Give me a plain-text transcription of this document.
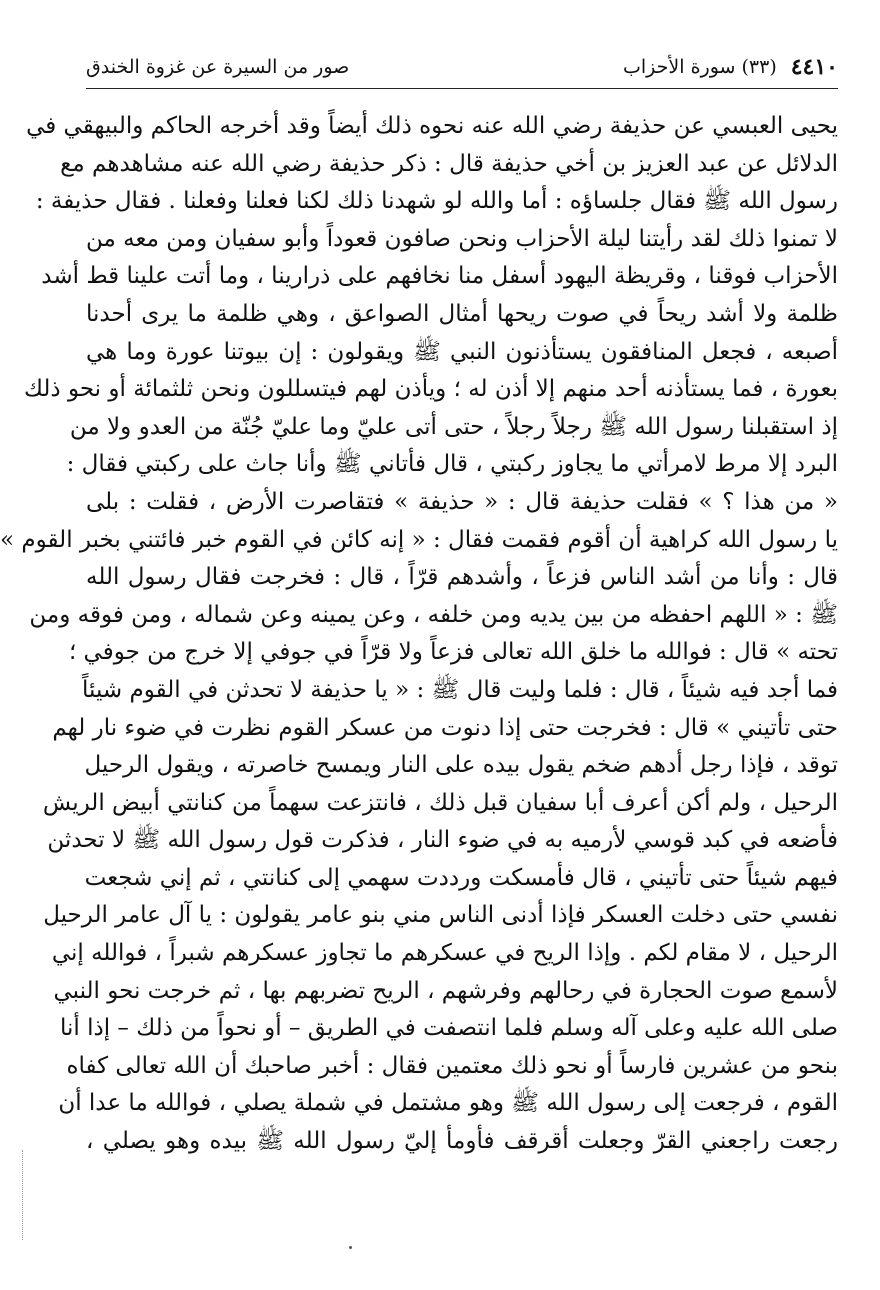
٤٤١٠
(٣٣) سورة الأحزاب
صور من السيرة عن غزوة الخندق
يحيى العبسي عن حذيفة رضي الله عنه نحوه ذلك أيضاً وقد أخرجه الحاكم والبيهقي في
الدلائل عن عبد العزيز بن أخي حذيفة قال : ذكر حذيفة رضي الله عنه مشاهدهم مع
رسول الله ﷺ فقال جلساؤه : أما والله لو شهدنا ذلك لكنا فعلنا وفعلنا . فقال حذيفة :
لا تمنوا ذلك لقد رأيتنا ليلة الأحزاب ونحن صافون قعوداً وأبو سفيان ومن معه من
الأحزاب فوقنا ، وقريظة اليهود أسفل منا نخافهم على ذرارينا ، وما أتت علينا قط أشد
ظلمة ولا أشد ريحاً في صوت ريحها أمثال الصواعق ، وهي ظلمة ما يرى أحدنا
أصبعه ، فجعل المنافقون يستأذنون النبي ﷺ ويقولون : إن بيوتنا عورة وما هي
بعورة ، فما يستأذنه أحد منهم إلا أذن له ؛ ويأذن لهم فيتسللون ونحن ثلثمائة أو نحو ذلك
إذ استقبلنا رسول الله ﷺ رجلاً رجلاً ، حتى أتى عليّ وما عليّ جُنّة من العدو ولا من
البرد إلا مرط لامرأتي ما يجاوز ركبتي ، قال فأتاني ﷺ وأنا جاث على ركبتي فقال :
« من هذا ؟ » فقلت حذيفة قال : « حذيفة » فتقاصرت الأرض ، فقلت : بلى
يا رسول الله كراهية أن أقوم فقمت فقال : « إنه كائن في القوم خبر فائتني بخبر القوم »
قال : وأنا من أشد الناس فزعاً ، وأشدهم قرّاً ، قال : فخرجت فقال رسول الله
ﷺ : « اللهم احفظه من بين يديه ومن خلفه ، وعن يمينه وعن شماله ، ومن فوقه ومن
تحته » قال : فوالله ما خلق الله تعالى فزعاً ولا قرّاً في جوفي إلا خرج من جوفي ؛
فما أجد فيه شيئاً ، قال : فلما وليت قال ﷺ : « يا حذيفة لا تحدثن في القوم شيئاً
حتى تأتيني » قال : فخرجت حتى إذا دنوت من عسكر القوم نظرت في ضوء نار لهم
توقد ، فإذا رجل أدهم ضخم يقول بيده على النار ويمسح خاصرته ، ويقول الرحيل
الرحيل ، ولم أكن أعرف أبا سفيان قبل ذلك ، فانتزعت سهماً من كنانتي أبيض الريش
فأضعه في كبد قوسي لأرميه به في ضوء النار ، فذكرت قول رسول الله ﷺ لا تحدثن
فيهم شيئاً حتى تأتيني ، قال فأمسكت ورددت سهمي إلى كنانتي ، ثم إني شجعت
نفسي حتى دخلت العسكر فإذا أدنى الناس مني بنو عامر يقولون : يا آل عامر الرحيل
الرحيل ، لا مقام لكم . وإذا الريح في عسكرهم ما تجاوز عسكرهم شبراً ، فوالله إني
لأسمع صوت الحجارة في رحالهم وفرشهم ، الريح تضربهم بها ، ثم خرجت نحو النبي
صلى الله عليه وعلى آله وسلم فلما انتصفت في الطريق – أو نحواً من ذلك – إذا أنا
بنحو من عشرين فارساً أو نحو ذلك معتمين فقال : أخبر صاحبك أن الله تعالى كفاه
القوم ، فرجعت إلى رسول الله ﷺ وهو مشتمل في شملة يصلي ، فوالله ما عدا أن
رجعت راجعني القرّ وجعلت أقرقف فأومأ إليّ رسول الله ﷺ بيده وهو يصلي ،
